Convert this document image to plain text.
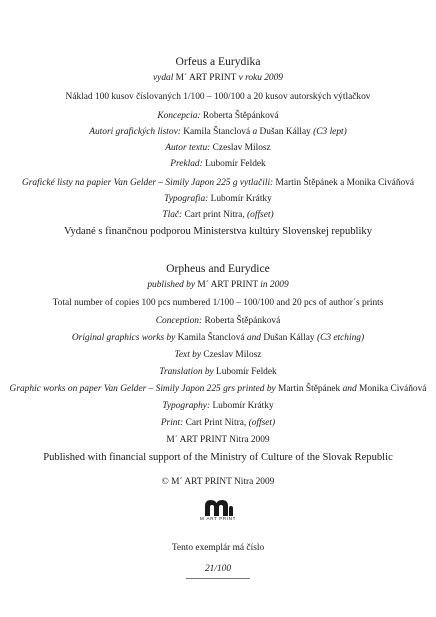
Orfeus a Eurydika
vydal M´ ART PRINT v roku 2009
Náklad 100 kusov číslovaných 1/100 – 100/100 a 20 kusov autorských výtlačkov
Koncepcia: Roberta Štěpánková
Autori grafických listov: Kamila Štanclová a Dušan Kállay (C3 lept)
Autor textu: Czeslav Milosz
Preklad: Lubomír Feldek
Grafické listy na papier Van Gelder – Simily Japon 225 g vytlačili: Martin Štěpánek a Monika Civáňová
Typografia: Lubomír Krátky
Tlač: Cart print Nitra, (offset)
Vydané s finančnou podporou Ministerstva kultúry Slovenskej republiky
Orpheus and Eurydice
published by M´ ART PRINT in 2009
Total number of copies 100 pcs numbered 1/100 – 100/100 and 20 pcs of author´s prints
Conception: Roberta Štěpánková
Original graphics works by Kamila Štanclová and Dušan Kállay (C3 etching)
Text by Czeslav Milosz
Translation by Lubomír Feldek
Graphic works on paper Van Gelder – Simily Japon 225 grs printed by Martin Štěpánek and Monika Civáňová
Typography: Lubomír Krátky
Print: Cart Print Nitra, (offset)
M´ ART PRINT Nitra 2009
Published with financial support of the Ministry of Culture of the Slovak Republic
© M´ ART PRINT Nitra 2009
M´ART PRINT
Tento exemplár má číslo
21/100
